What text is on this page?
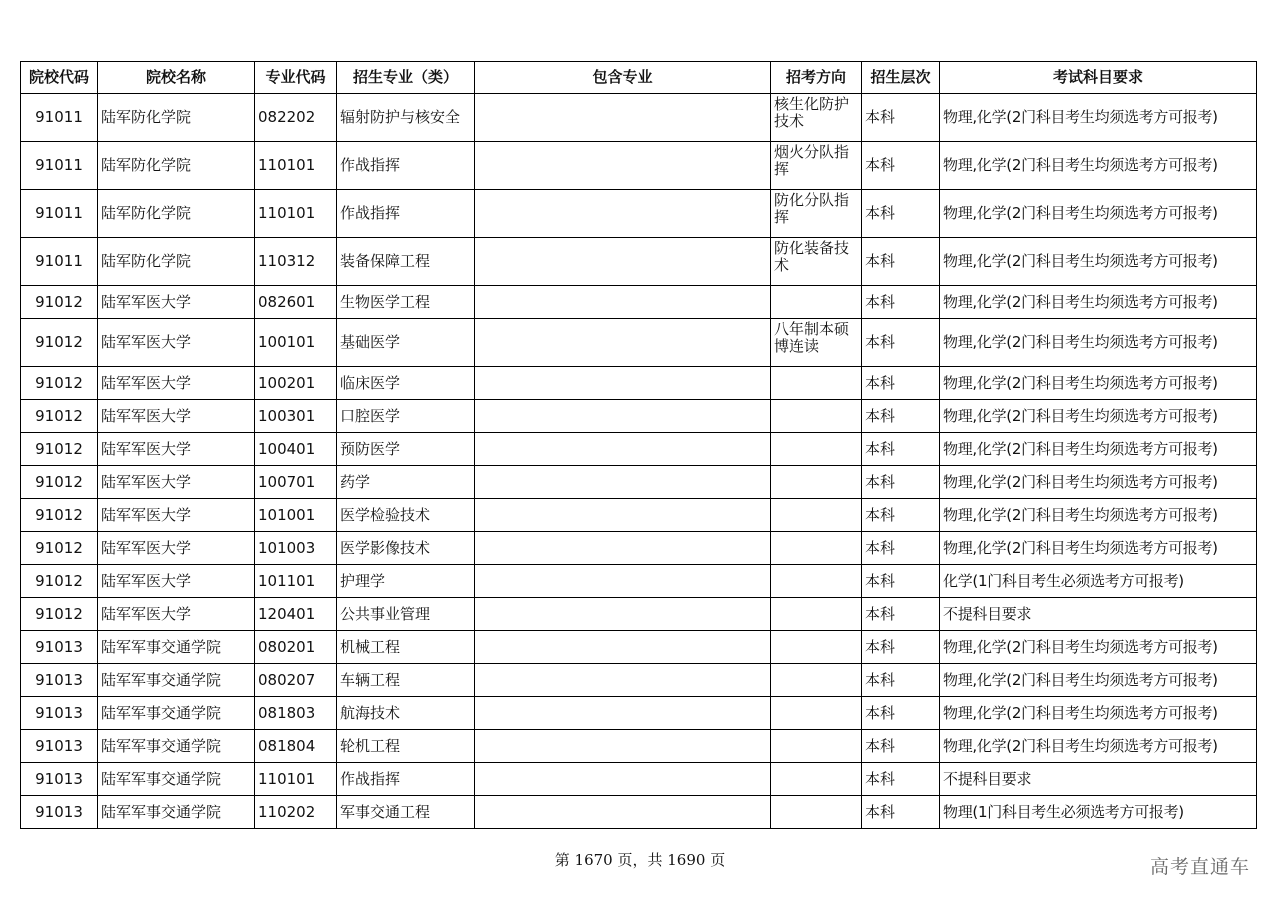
院校代码	院校名称	专业代码	招生专业（类）	包含专业	招考方向	招生层次	考试科目要求
91011	陆军防化学院	082202	辐射防护与核安全		核生化防护技术	本科	物理,化学(2门科目考生均须选考方可报考)
91011	陆军防化学院	110101	作战指挥		烟火分队指挥	本科	物理,化学(2门科目考生均须选考方可报考)
91011	陆军防化学院	110101	作战指挥		防化分队指挥	本科	物理,化学(2门科目考生均须选考方可报考)
91011	陆军防化学院	110312	装备保障工程		防化装备技术	本科	物理,化学(2门科目考生均须选考方可报考)
91012	陆军军医大学	082601	生物医学工程			本科	物理,化学(2门科目考生均须选考方可报考)
91012	陆军军医大学	100101	基础医学		八年制本硕博连读	本科	物理,化学(2门科目考生均须选考方可报考)
91012	陆军军医大学	100201	临床医学			本科	物理,化学(2门科目考生均须选考方可报考)
91012	陆军军医大学	100301	口腔医学			本科	物理,化学(2门科目考生均须选考方可报考)
91012	陆军军医大学	100401	预防医学			本科	物理,化学(2门科目考生均须选考方可报考)
91012	陆军军医大学	100701	药学			本科	物理,化学(2门科目考生均须选考方可报考)
91012	陆军军医大学	101001	医学检验技术			本科	物理,化学(2门科目考生均须选考方可报考)
91012	陆军军医大学	101003	医学影像技术			本科	物理,化学(2门科目考生均须选考方可报考)
91012	陆军军医大学	101101	护理学			本科	化学(1门科目考生必须选考方可报考)
91012	陆军军医大学	120401	公共事业管理			本科	不提科目要求
91013	陆军军事交通学院	080201	机械工程			本科	物理,化学(2门科目考生均须选考方可报考)
91013	陆军军事交通学院	080207	车辆工程			本科	物理,化学(2门科目考生均须选考方可报考)
91013	陆军军事交通学院	081803	航海技术			本科	物理,化学(2门科目考生均须选考方可报考)
91013	陆军军事交通学院	081804	轮机工程			本科	物理,化学(2门科目考生均须选考方可报考)
91013	陆军军事交通学院	110101	作战指挥			本科	不提科目要求
91013	陆军军事交通学院	110202	军事交通工程			本科	物理(1门科目考生必须选考方可报考)
第 1670 页，共 1690 页	高考直通车
